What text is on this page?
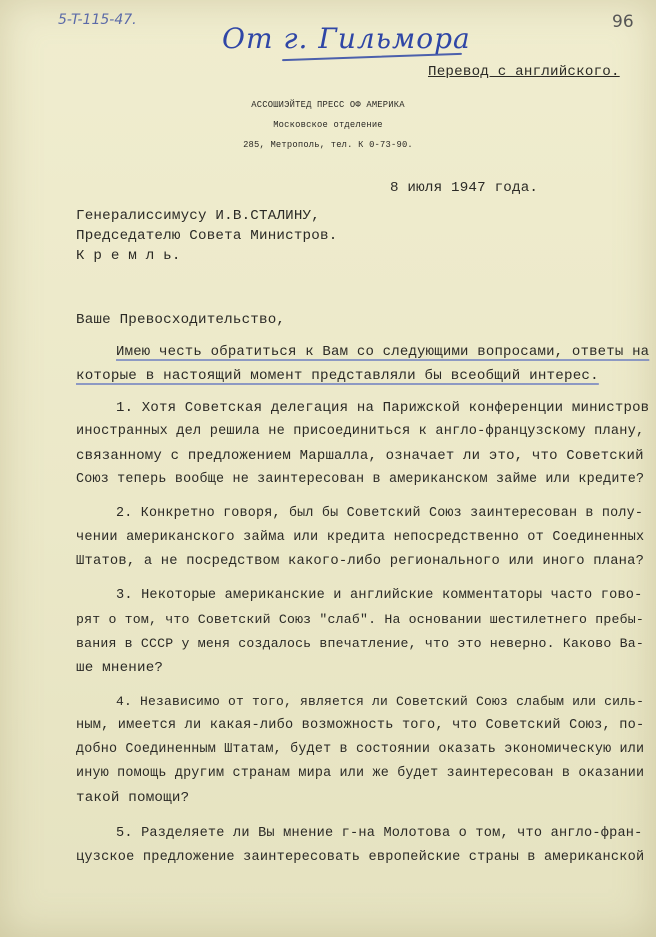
5-T-115-47.	96
От г. Гильмора
Перевод с английского.
АССОШИЭЙТЕД ПРЕСС ОФ АМЕРИКА
Московское отделение
285, Метрополь, тел. К 0-73-90.
8 июля 1947 года.
Генералиссимусу И.В.СТАЛИНУ,
Председателю Совета Министров.
К р е м л ь.
Ваше Превосходительство,
Имею честь обратиться к Вам со следующими вопросами, ответы на
которые в настоящий момент представляли бы всеобщий интерес.
1. Хотя Советская делегация на Парижской конференции министров
иностранных дел решила не присоединиться к англо-французскому плану,
связанному с предложением Маршалла, означает ли это, что Советский
Союз теперь вообще не заинтересован в американском займе или кредите?
2. Конкретно говоря, был бы Советский Союз заинтересован в полу-
чении американского займа или кредита непосредственно от Соединенных
Штатов, а не посредством какого-либо регионального или иного плана?
3. Некоторые американские и английские комментаторы часто гово-
рят о том, что Советский Союз "слаб". На основании шестилетнего пребы-
вания в СССР у меня создалось впечатление, что это неверно. Каково Ва-
ше мнение?
4. Независимо от того, является ли Советский Союз слабым или силь-
ным, имеется ли какая-либо возможность того, что Советский Союз, по-
добно Соединенным Штатам, будет в состоянии оказать экономическую или
иную помощь другим странам мира или же будет заинтересован в оказании
такой помощи?
5. Разделяете ли Вы мнение г-на Молотова о том, что англо-фран-
цузское предложение заинтересовать европейские страны в американской
